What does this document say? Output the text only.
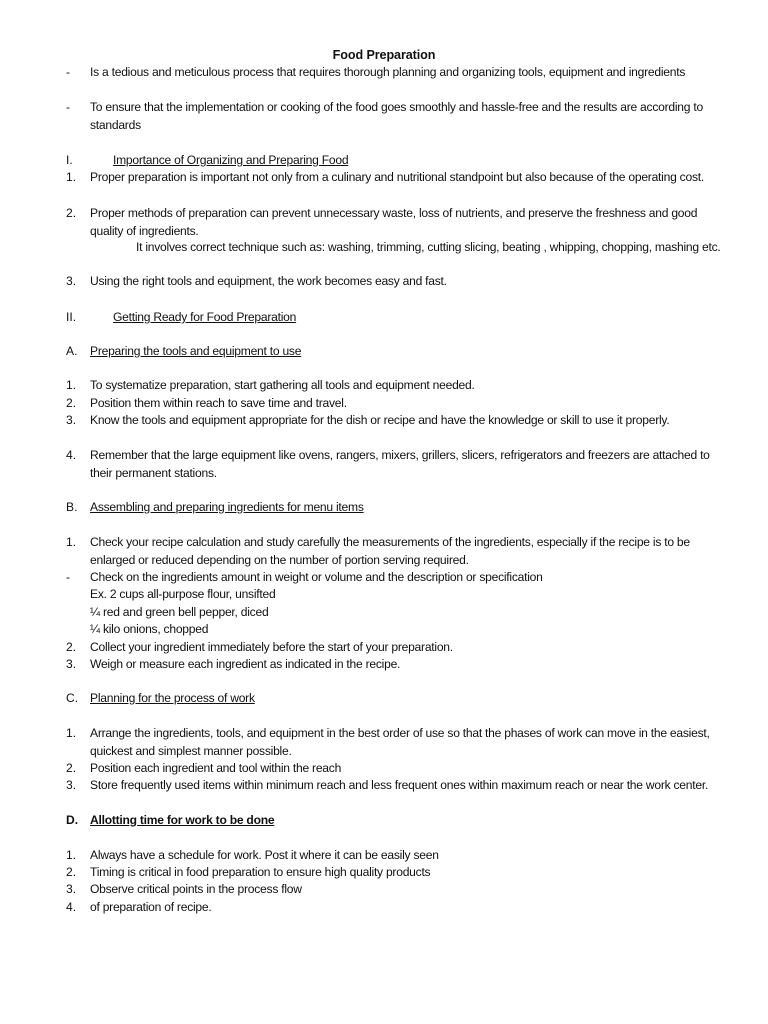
Food Preparation
-	Is a tedious and meticulous process that requires thorough planning and organizing tools, equipment and ingredients
-	To ensure that the implementation or cooking of the food goes smoothly and hassle-free and the results are according to standards
I.	Importance of Organizing and Preparing Food
1.	Proper preparation is important not only from a culinary and nutritional standpoint but also because of the operating cost.
2.	Proper methods of preparation can prevent unnecessary waste, loss of nutrients, and preserve the freshness and good quality of ingredients.
It involves correct technique such as: washing, trimming, cutting slicing, beating , whipping, chopping, mashing etc.
3.	Using the right tools and equipment, the work becomes easy and fast.
II.	Getting Ready for Food Preparation
A.	Preparing the tools and equipment to use
1.	To systematize preparation, start gathering all tools and equipment needed.
2.	Position them within reach to save time and travel.
3.	Know the tools and equipment appropriate for the dish or recipe and have the knowledge or skill to use it properly.
4.	Remember that the large equipment like ovens, rangers, mixers, grillers, slicers, refrigerators and freezers are attached to their permanent stations.
B.	Assembling and preparing ingredients for menu items
1.	Check your recipe calculation and study carefully the measurements of the ingredients, especially if the recipe is to be enlarged or reduced depending on the number of portion serving required.
-	Check on the ingredients amount in weight or volume and the description or specification
Ex. 2 cups all-purpose flour, unsifted
¼ red and green bell pepper, diced
¼ kilo onions, chopped
2.	Collect your ingredient immediately before the start of your preparation.
3.	Weigh or measure each ingredient as indicated in the recipe.
C. Planning for the process of work
1.	Arrange the ingredients, tools, and equipment in the best order of use so that the phases of work can move in the easiest, quickest and simplest manner possible.
2.	Position each ingredient and tool within the reach
3.	Store frequently used items within minimum reach and less frequent ones within maximum reach or near the work center.
D. Allotting time for work to be done
1.	Always have a schedule for work. Post it where it can be easily seen
2.	Timing is critical in food preparation to ensure high quality products
3.	Observe critical points in the process flow
4.	of preparation of recipe.
